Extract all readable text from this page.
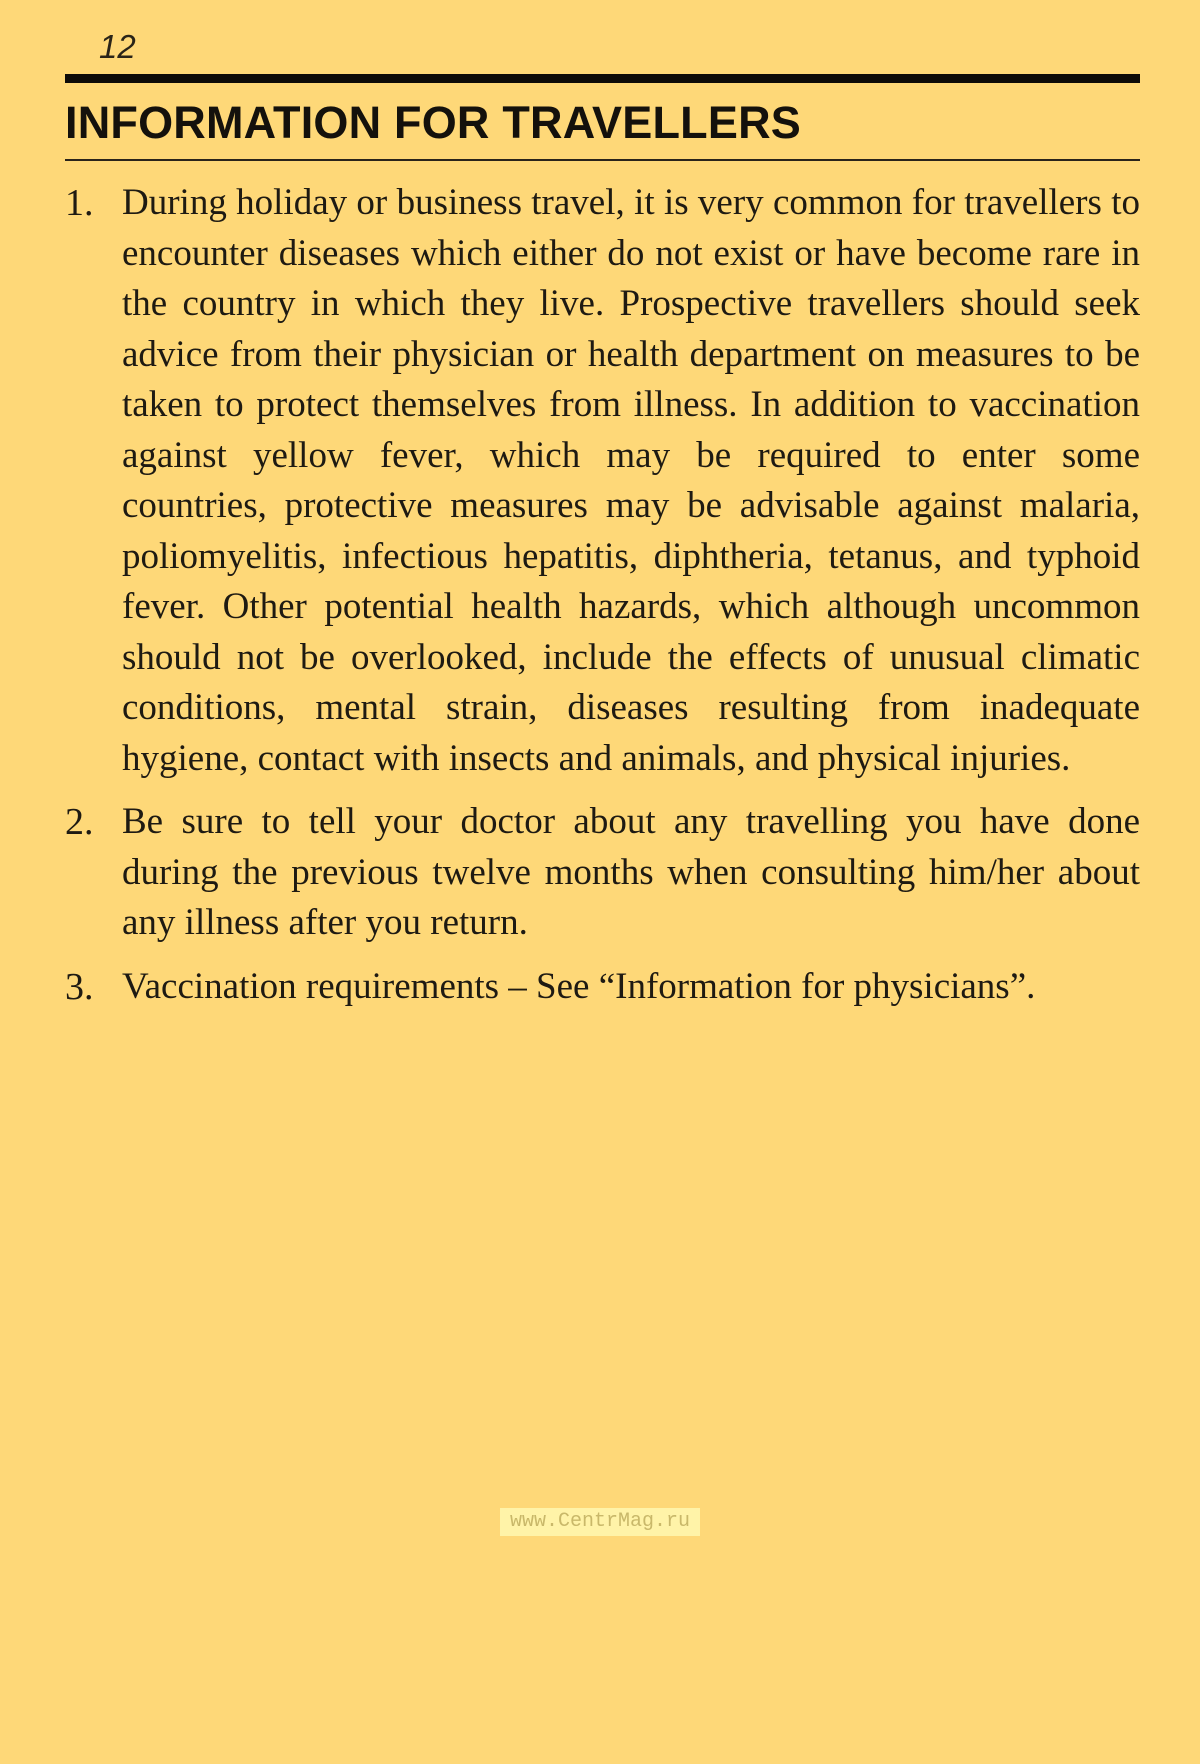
12
INFORMATION FOR TRAVELLERS
1. During holiday or business travel, it is very common for travellers to encounter diseases which either do not exist or have become rare in the country in which they live. Prospective travellers should seek advice from their physician or health department on measures to be taken to protect themselves from illness. In addition to vaccination against yellow fever, which may be required to enter some countries, protective measures may be advisable against malaria, poliomyelitis, infectious hepatitis, diphtheria, tetanus, and typhoid fever. Other potential health hazards, which although uncommon should not be overlooked, include the effects of unusual climatic conditions, mental strain, diseases resulting from inadequate hygiene, contact with insects and animals, and physical injuries.

2. Be sure to tell your doctor about any travelling you have done during the previous twelve months when consulting him/her about any illness after you return.

3. Vaccination requirements – See “Information for physicians”.

www.CentrMag.ru
